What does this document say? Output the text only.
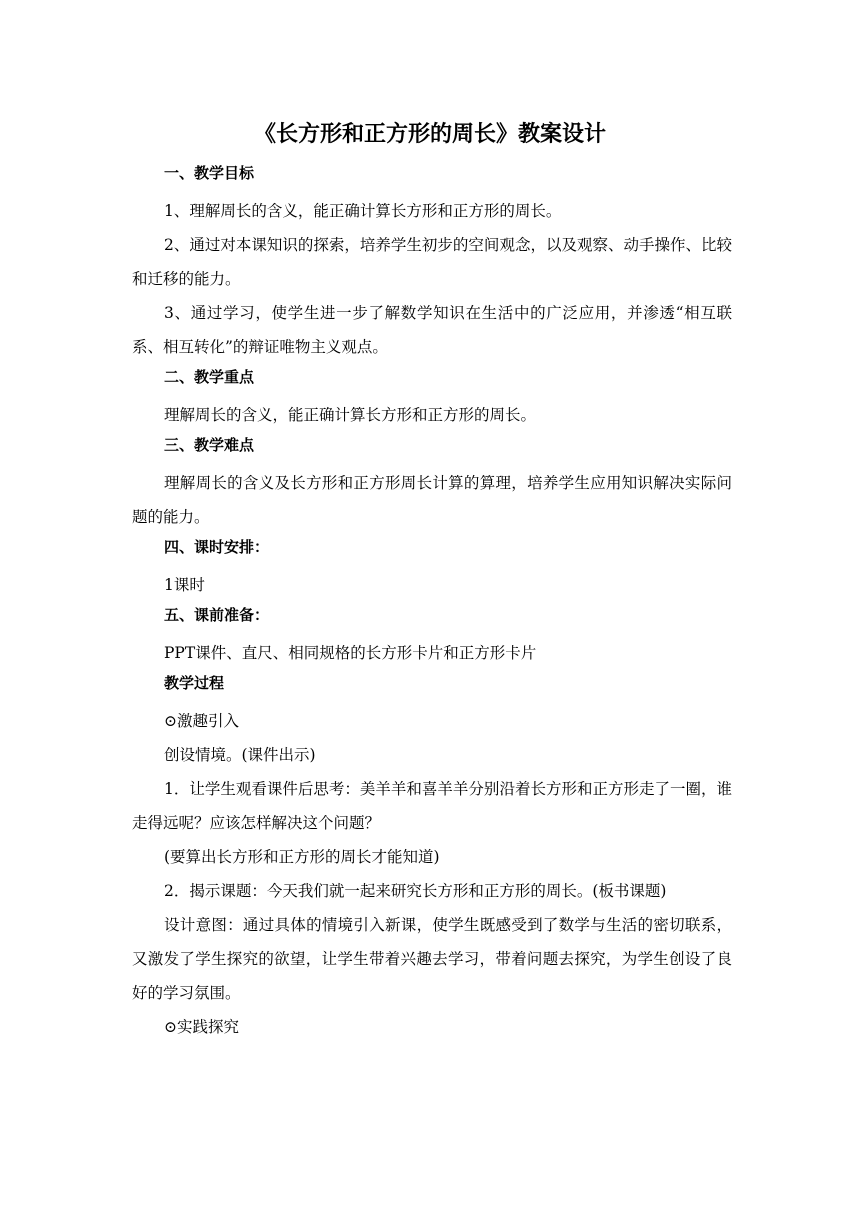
《长方形和正方形的周长》教案设计
一、教学目标
1、理解周长的含义，能正确计算长方形和正方形的周长。
2、通过对本课知识的探索，培养学生初步的空间观念，以及观察、动手操作、比较和迁移的能力。
3、通过学习，使学生进一步了解数学知识在生活中的广泛应用，并渗透“相互联系、相互转化”的辩证唯物主义观点。
二、教学重点
理解周长的含义，能正确计算长方形和正方形的周长。
三、教学难点
理解周长的含义及长方形和正方形周长计算的算理，培养学生应用知识解决实际问题的能力。
四、课时安排：
1课时
五、课前准备：
PPT课件、直尺、相同规格的长方形卡片和正方形卡片
教学过程
⊙激趣引入
创设情境。(课件出示)
1．让学生观看课件后思考：美羊羊和喜羊羊分别沿着长方形和正方形走了一圈，谁走得远呢？应该怎样解决这个问题？
(要算出长方形和正方形的周长才能知道)
2．揭示课题：今天我们就一起来研究长方形和正方形的周长。(板书课题)
设计意图：通过具体的情境引入新课，使学生既感受到了数学与生活的密切联系，又激发了学生探究的欲望，让学生带着兴趣去学习，带着问题去探究，为学生创设了良好的学习氛围。
⊙实践探究
